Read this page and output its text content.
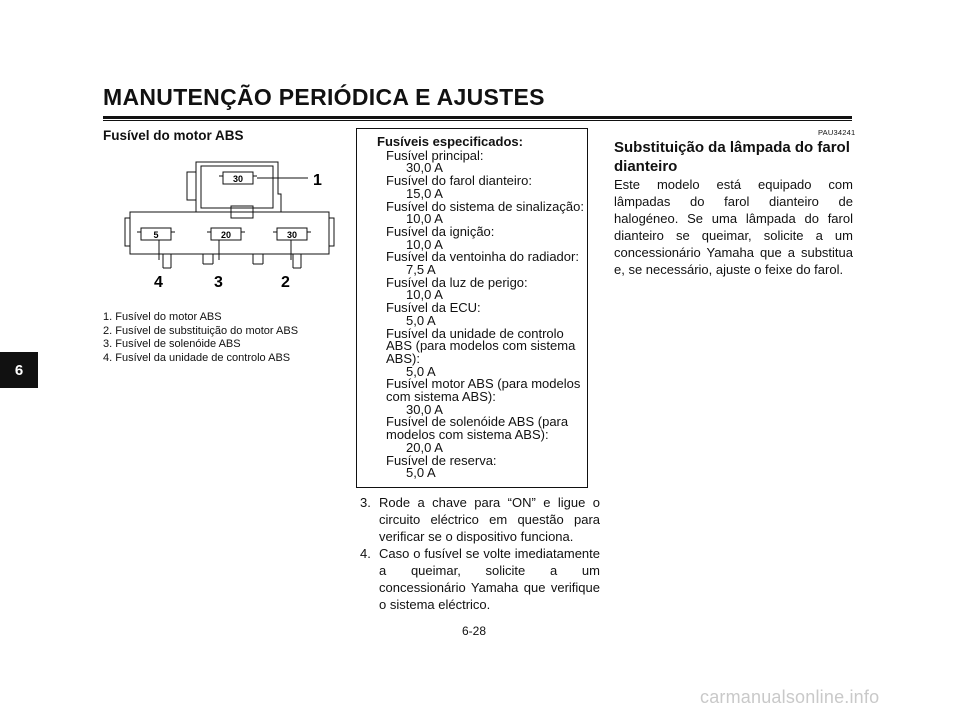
MANUTENÇÃO PERIÓDICA E AJUSTES
6
Fusível do motor ABS
30
5	20	30
1
4	3	2
1. Fusível do motor ABS
2. Fusível de substituição do motor ABS
3. Fusível de solenóide ABS
4. Fusível da unidade de controlo ABS
Fusíveis especificados:
Fusível principal:
30,0 A
Fusível do farol dianteiro:
15,0 A
Fusível do sistema de sinalização:
10,0 A
Fusível da ignição:
10,0 A
Fusível da ventoinha do radiador:
7,5 A
Fusível da luz de perigo:
10,0 A
Fusível da ECU:
5,0 A
Fusível da unidade de controlo ABS (para modelos com sistema ABS):
5,0 A
Fusível motor ABS (para modelos com sistema ABS):
30,0 A
Fusível de solenóide ABS (para modelos com sistema ABS):
20,0 A
Fusível de reserva:
5,0 A
3. Rode a chave para “ON” e ligue o circuito eléctrico em questão para verificar se o dispositivo funciona.
4. Caso o fusível se volte imediatamente a queimar, solicite a um concessionário Yamaha que verifique o sistema eléctrico.
6-28
PAU34241
Substituição da lâmpada do farol dianteiro
Este modelo está equipado com lâmpadas do farol dianteiro de halogéneo. Se uma lâmpada do farol dianteiro se queimar, solicite a um concessionário Yamaha que a substitua e, se necessário, ajuste o feixe do farol.
carmanualsonline.info
